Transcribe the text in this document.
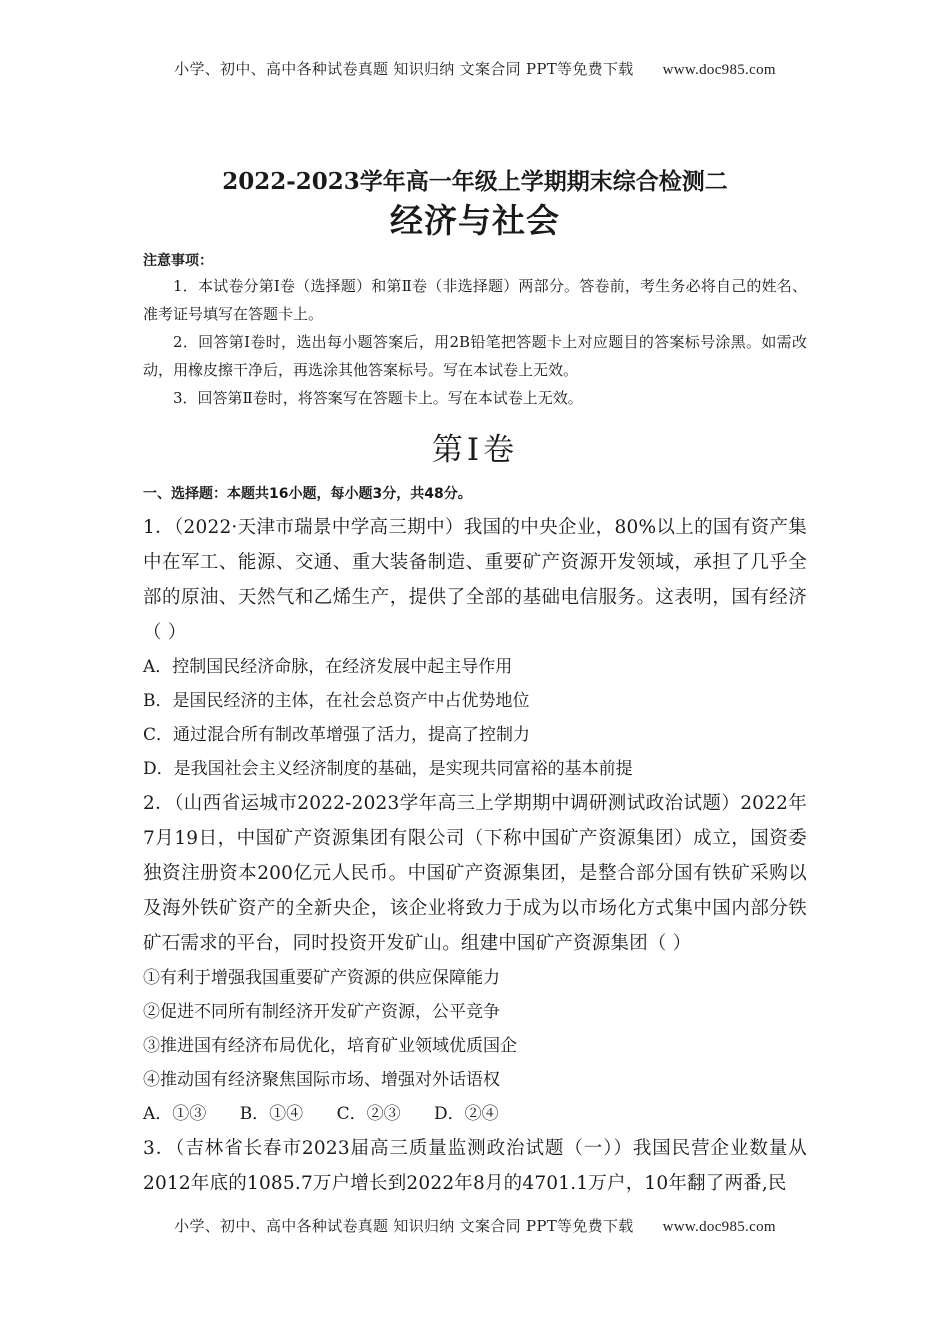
小学、初中、高中各种试卷真题 知识归纳 文案合同 PPT等免费下载 www.doc985.com
2022-2023学年高一年级上学期期末综合检测二
经济与社会

注意事项：

1．本试卷分第Ⅰ卷（选择题）和第Ⅱ卷（非选择题）两部分。答卷前，考生务必将自己的姓名、准考证号填写在答题卡上。

2．回答第Ⅰ卷时，选出每小题答案后，用2B铅笔把答题卡上对应题目的答案标号涂黑。如需改动，用橡皮擦干净后，再选涂其他答案标号。写在本试卷上无效。

3．回答第Ⅱ卷时，将答案写在答题卡上。写在本试卷上无效。

第Ⅰ卷

一、选择题：本题共16小题，每小题3分，共48分。

1．（2022·天津市瑞景中学高三期中）我国的中央企业，80%以上的国有资产集中在军工、能源、交通、重大装备制造、重要矿产资源开发领域，承担了几乎全部的原油、天然气和乙烯生产，提供了全部的基础电信服务。这表明，国有经济（ ）

A．控制国民经济命脉，在经济发展中起主导作用

B．是国民经济的主体，在社会总资产中占优势地位

C．通过混合所有制改革增强了活力，提高了控制力

D．是我国社会主义经济制度的基础，是实现共同富裕的基本前提

2．（山西省运城市2022-2023学年高三上学期期中调研测试政治试题）2022年7月19日，中国矿产资源集团有限公司（下称中国矿产资源集团）成立，国资委独资注册资本200亿元人民币。中国矿产资源集团，是整合部分国有铁矿采购以及海外铁矿资产的全新央企，该企业将致力于成为以市场化方式集中国内部分铁矿石需求的平台，同时投资开发矿山。组建中国矿产资源集团（ ）

①有利于增强我国重要矿产资源的供应保障能力

②促进不同所有制经济开发矿产资源，公平竞争

③推进国有经济布局优化，培育矿业领域优质国企

④推动国有经济聚焦国际市场、增强对外话语权

A．①③ B．①④ C．②③ D．②④

3．（吉林省长春市2023届高三质量监测政治试题（一））我国民营企业数量从2012年底的1085.7万户增长到2022年8月的4701.1万户，10年翻了两番,民

小学、初中、高中各种试卷真题 知识归纳 文案合同 PPT等免费下载 www.doc985.com
